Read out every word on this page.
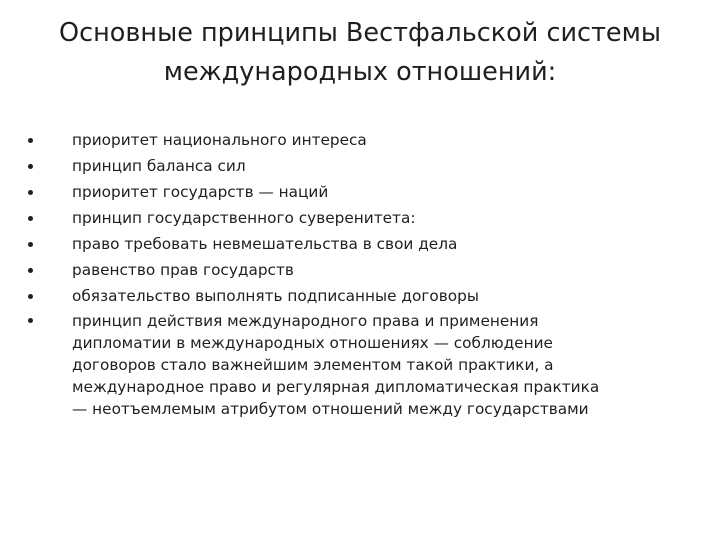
Основные принципы Вестфальской системы
международных отношений:
приоритет национального интереса
принцип баланса сил
приоритет государств — наций
принцип государственного суверенитета:
право требовать невмешательства в свои дела
равенство прав государств
обязательство выполнять подписанные договоры
принцип действия международного права и применения
дипломатии в международных отношениях — соблюдение
договоров стало важнейшим элементом такой практики, а
международное право и регулярная дипломатическая практика
— неотъемлемым атрибутом отношений между государствами
